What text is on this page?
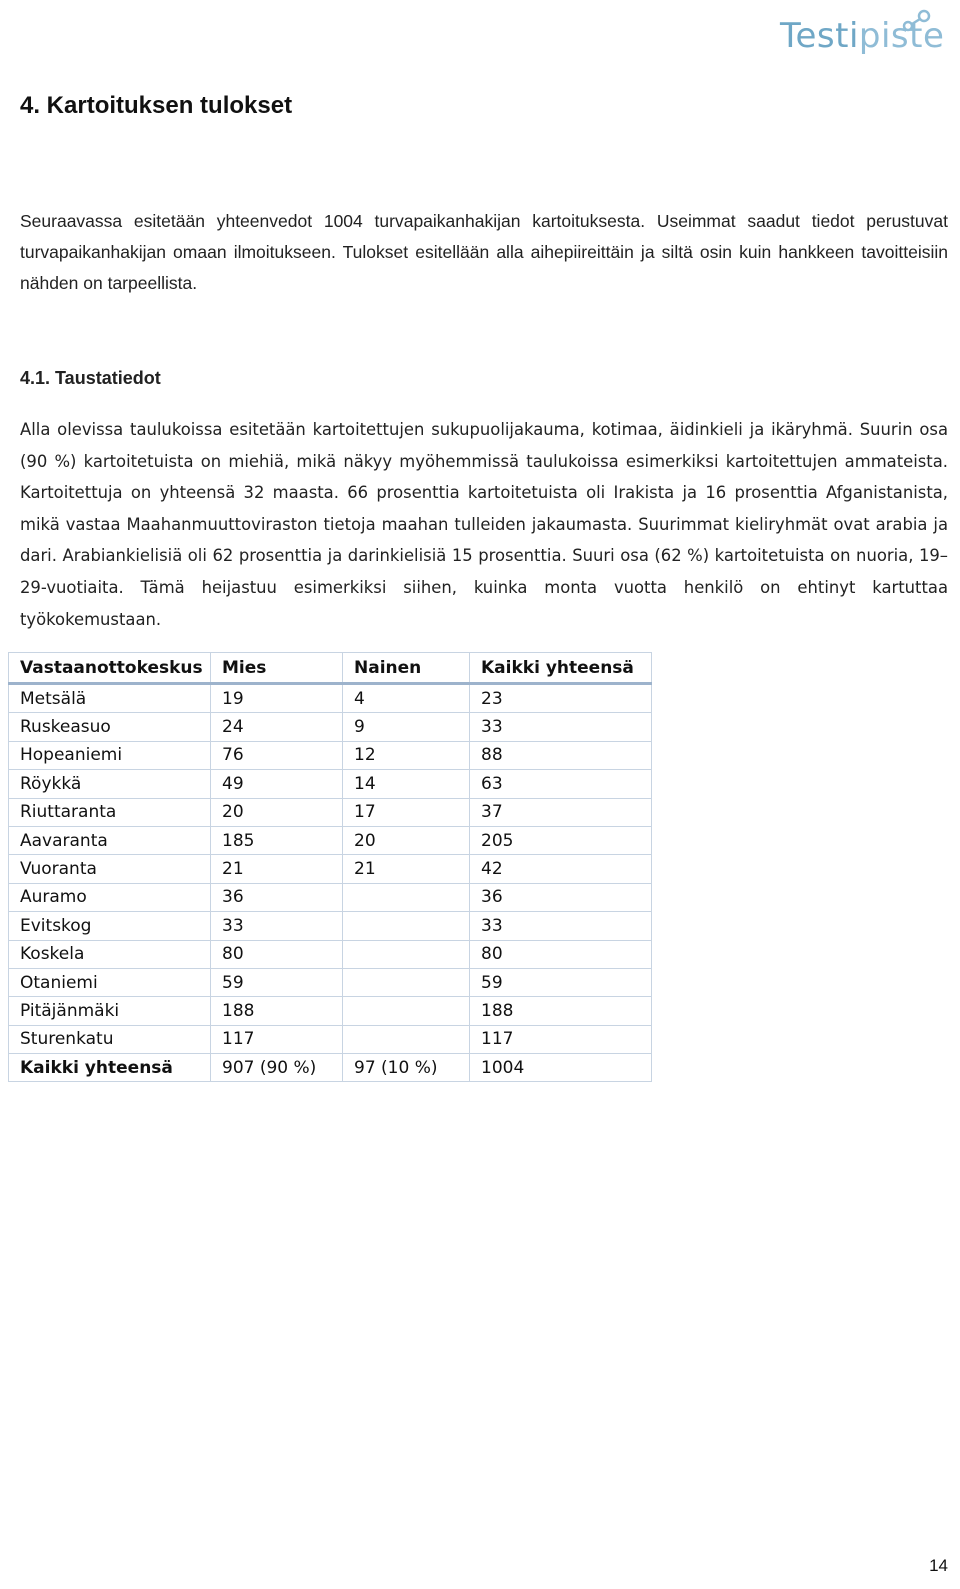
Testipiste
4. Kartoituksen tulokset

Seuraavassa esitetään yhteenvedot 1004 turvapaikanhakijan kartoituksesta. Useimmat saadut tiedot perustuvat turvapaikanhakijan omaan ilmoitukseen. Tulokset esitellään alla aihepiireittäin ja siltä osin kuin hankkeen tavoitteisiin nähden on tarpeellista.

4.1. Taustatiedot

Alla olevissa taulukoissa esitetään kartoitettujen sukupuolijakauma, kotimaa, äidinkieli ja ikäryhmä. Suurin osa (90 %) kartoitetuista on miehiä, mikä näkyy myöhemmissä taulukoissa esimerkiksi kartoitettujen ammateista. Kartoitettuja on yhteensä 32 maasta. 66 prosenttia kartoitetuista oli Irakista ja 16 prosenttia Afganistanista, mikä vastaa Maahanmuuttoviraston tietoja maahan tulleiden jakaumasta. Suurimmat kieliryhmät ovat arabia ja dari. Arabiankielisiä oli 62 prosenttia ja darinkielisiä 15 prosenttia. Suuri osa (62 %) kartoitetuista on nuoria, 19–29-vuotiaita. Tämä heijastuu esimerkiksi siihen, kuinka monta vuotta henkilö on ehtinyt kartuttaa työkokemustaan.

Vastaanottokeskus	Mies	Nainen	Kaikki yhteensä
Metsälä	19	4	23
Ruskeasuo	24	9	33
Hopeaniemi	76	12	88
Röykkä	49	14	63
Riuttaranta	20	17	37
Aavaranta	185	20	205
Vuoranta	21	21	42
Auramo	36		36
Evitskog	33		33
Koskela	80		80
Otaniemi	59		59
Pitäjänmäki	188		188
Sturenkatu	117		117
Kaikki yhteensä	907 (90 %)	97 (10 %)	1004
14
